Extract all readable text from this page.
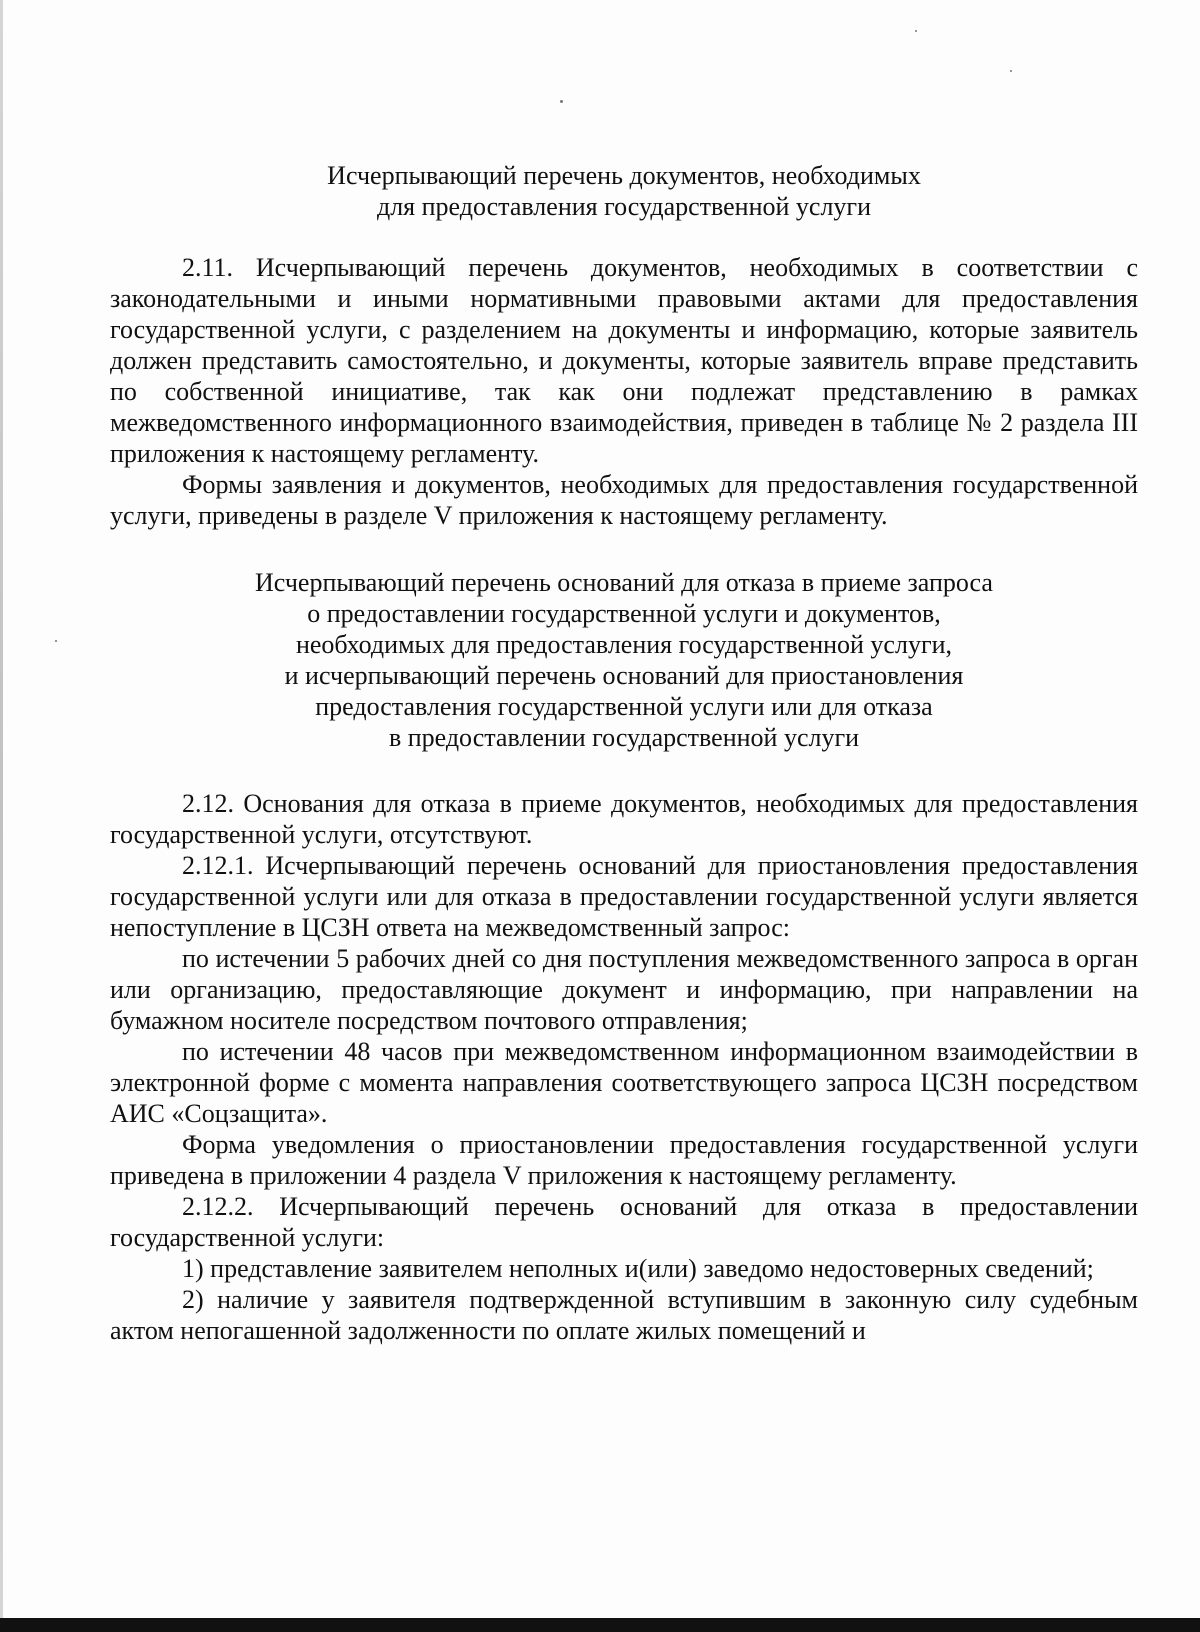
Исчерпывающий перечень документов, необходимых
для предоставления государственной услуги

2.11. Исчерпывающий перечень документов, необходимых в соответствии с законодательными и иными нормативными правовыми актами для предоставления государственной услуги, с разделением на документы и информацию, которые заявитель должен представить самостоятельно, и документы, которые заявитель вправе представить по собственной инициативе, так как они подлежат представлению в рамках межведомственного информационного взаимодействия, приведен в таблице № 2 раздела III приложения к настоящему регламенту.

Формы заявления и документов, необходимых для предоставления государственной услуги, приведены в разделе V приложения к настоящему регламенту.

Исчерпывающий перечень оснований для отказа в приеме запроса
о предоставлении государственной услуги и документов,
необходимых для предоставления государственной услуги,
и исчерпывающий перечень оснований для приостановления
предоставления государственной услуги или для отказа
в предоставлении государственной услуги

2.12. Основания для отказа в приеме документов, необходимых для предоставления государственной услуги, отсутствуют.

2.12.1. Исчерпывающий перечень оснований для приостановления предоставления государственной услуги или для отказа в предоставлении государственной услуги является непоступление в ЦСЗН ответа на межведомственный запрос:

по истечении 5 рабочих дней со дня поступления межведомственного запроса в орган или организацию, предоставляющие документ и информацию, при направлении на бумажном носителе посредством почтового отправления;

по истечении 48 часов при межведомственном информационном взаимодействии в электронной форме с момента направления соответствующего запроса ЦСЗН посредством АИС «Соцзащита».

Форма уведомления о приостановлении предоставления государственной услуги приведена в приложении 4 раздела V приложения к настоящему регламенту.

2.12.2. Исчерпывающий перечень оснований для отказа в предоставлении государственной услуги:

1) представление заявителем неполных и(или) заведомо недостоверных сведений;

2) наличие у заявителя подтвержденной вступившим в законную силу судебным актом непогашенной задолженности по оплате жилых помещений и
